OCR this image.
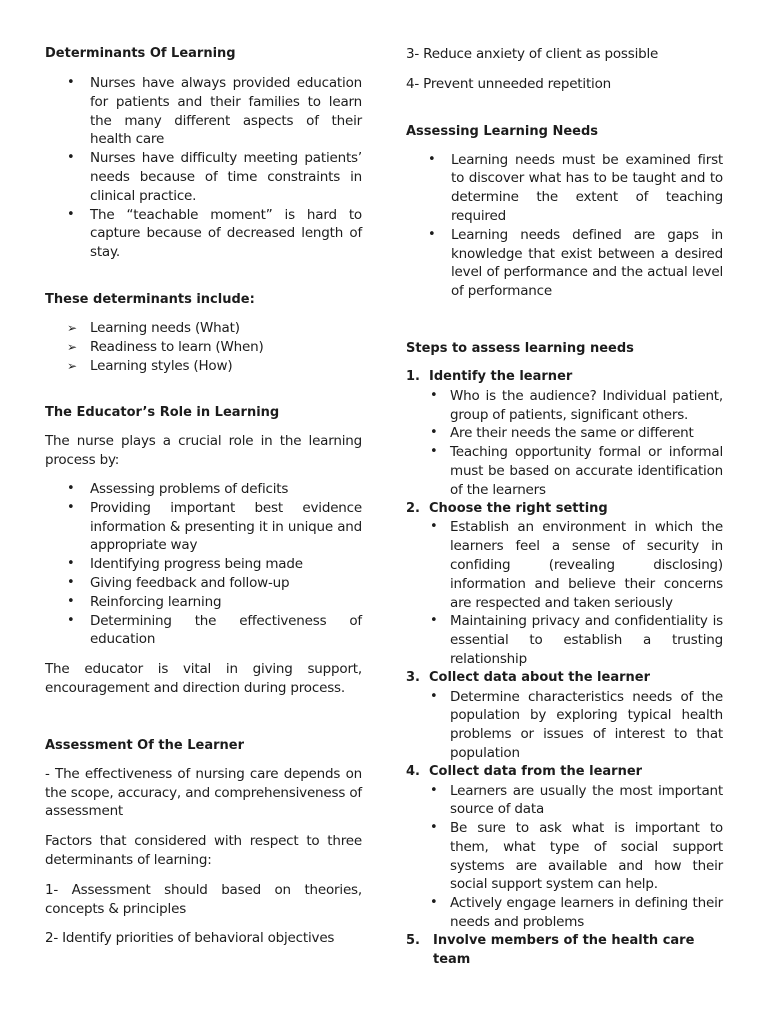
Determinants Of Learning

• Nurses have always provided education for patients and their families to learn the many different aspects of their health care
• Nurses have difficulty meeting patients’ needs because of time constraints in clinical practice.
• The “teachable moment” is hard to capture because of decreased length of stay.

These determinants include:

➢ Learning needs (What)
➢ Readiness to learn (When)
➢ Learning styles (How)

The Educator’s Role in Learning

The nurse plays a crucial role in the learning process by:

• Assessing problems of deficits
• Providing important best evidence information & presenting it in unique and appropriate way
• Identifying progress being made
• Giving feedback and follow-up
• Reinforcing learning
• Determining the effectiveness of education

The educator is vital in giving support, encouragement and direction during process.

Assessment Of the Learner

- The effectiveness of nursing care depends on the scope, accuracy, and comprehensiveness of assessment

Factors that considered with respect to three determinants of learning:

1- Assessment should based on theories, concepts & principles

2- Identify priorities of behavioral objectives

3- Reduce anxiety of client as possible

4- Prevent unneeded repetition

Assessing Learning Needs

• Learning needs must be examined first to discover what has to be taught and to determine the extent of teaching required
• Learning needs defined are gaps in knowledge that exist between a desired level of performance and the actual level of performance

Steps to assess learning needs

1. Identify the learner
• Who is the audience? Individual patient, group of patients, significant others.
• Are their needs the same or different
• Teaching opportunity formal or informal must be based on accurate identification of the learners
2. Choose the right setting
• Establish an environment in which the learners feel a sense of security in confiding (revealing disclosing) information and believe their concerns are respected and taken seriously
• Maintaining privacy and confidentiality is essential to establish a trusting relationship
3. Collect data about the learner
• Determine characteristics needs of the population by exploring typical health problems or issues of interest to that population
4. Collect data from the learner
• Learners are usually the most important source of data
• Be sure to ask what is important to them, what type of social support systems are available and how their social support system can help.
• Actively engage learners in defining their needs and problems
5.	Involve members of the health care team
